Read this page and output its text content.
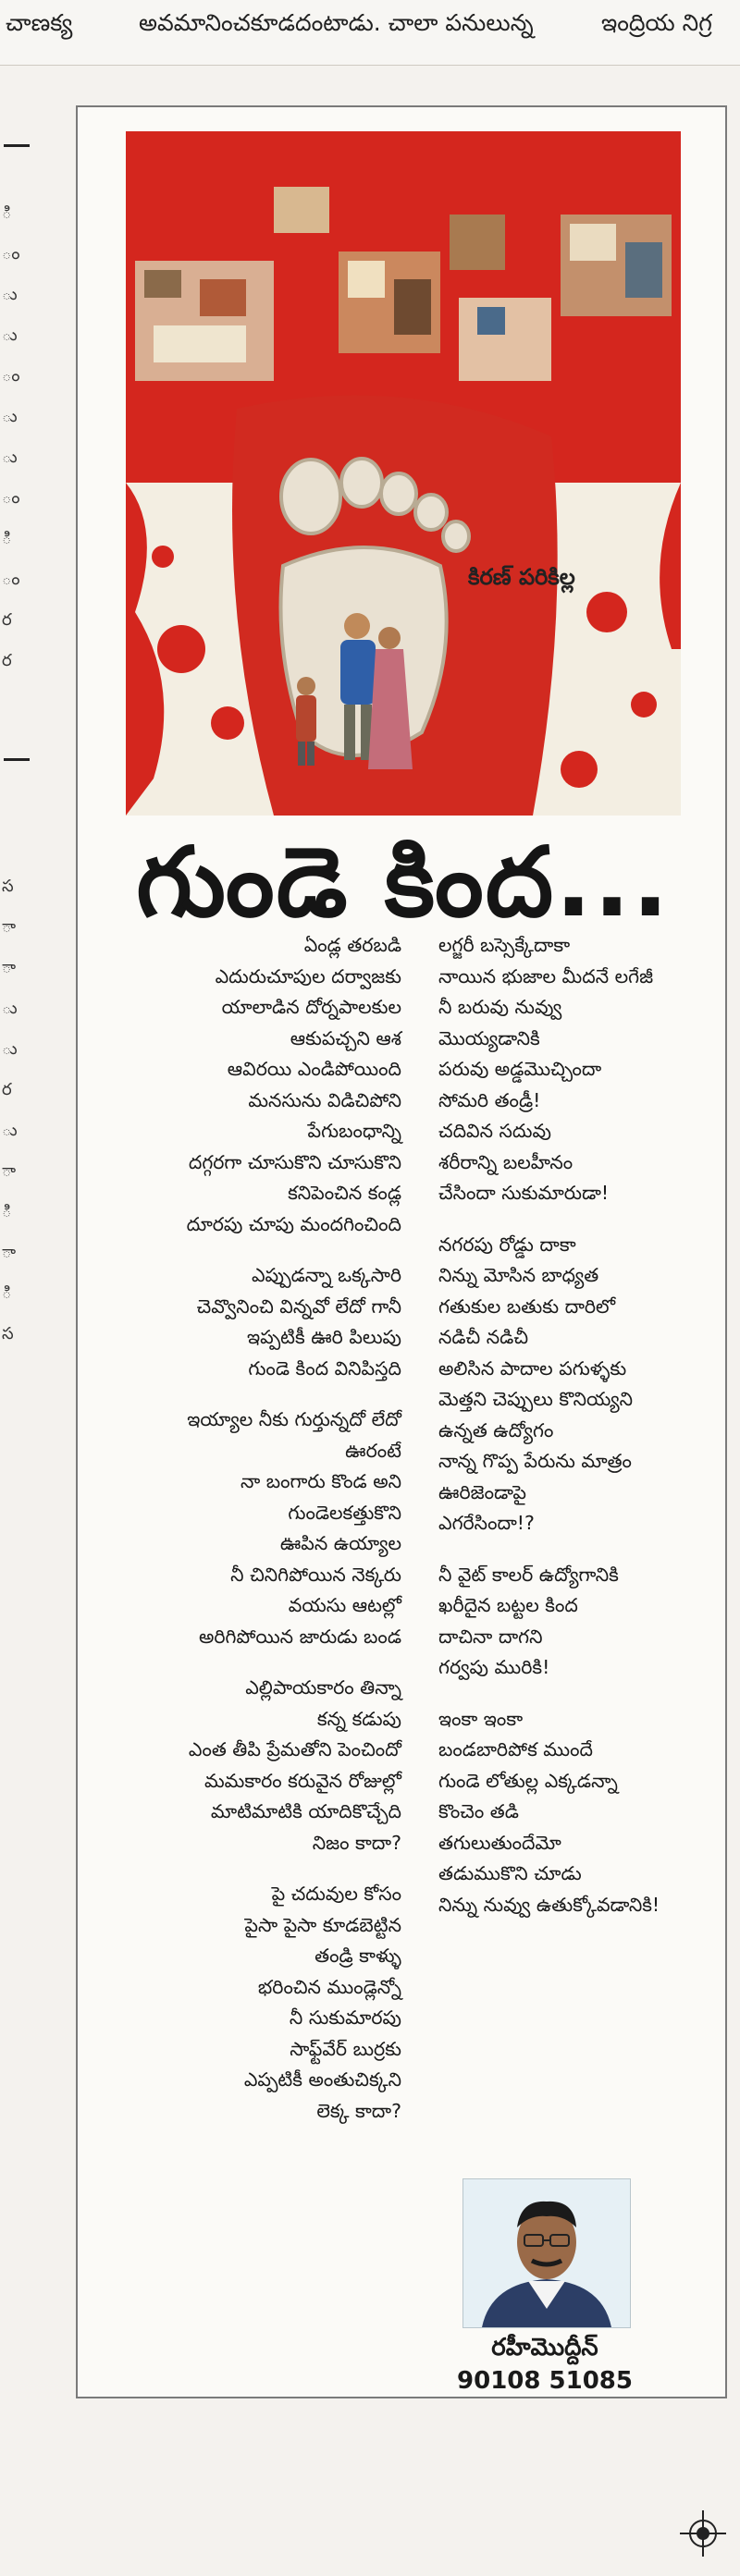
చాణక్య	అవమానించకూడదంటాడు. చాలా పనులున్న	ఇంద్రియ నిగ్ర
ి
ం
ు
ు
ం
ు
ు
ం
ి
ం
ర
ర
స
ా
ా
ు
ు
ర
ు
ా
ి
ా
ి
స
కిరణ్ పరికిల్ల
గుండె కింద...
ఏండ్ల తరబడి
ఎదురుచూపుల దర్వాజకు
యాలాడిన దోర్నపాలకుల
ఆకుపచ్చని ఆశ
ఆవిరయి ఎండిపోయింది
మనసును విడిచిపోని
పేగుబంధాన్ని
దగ్గరగా చూసుకొని చూసుకొని
కనిపెంచిన కండ్ల
దూరపు చూపు మందగించింది
ఎప్పుడన్నా ఒక్కసారి
చెవ్వొనించి విన్నవో లేదో గానీ
ఇప్పటికీ ఊరి పిలుపు
గుండె కింద వినిపిస్తది
ఇయ్యాల నీకు గుర్తున్నదో లేదో
ఊరంటే
నా బంగారు కొండ అని
గుండెలకత్తుకొని
ఊపిన ఉయ్యాల
నీ చినిగిపోయిన నెక్కరు
వయసు ఆటల్లో
అరిగిపోయిన జారుడు బండ
ఎల్లిపాయకారం తిన్నా
కన్న కడుపు
ఎంత తీపి ప్రేమతోని పెంచిందో
మమకారం కరువైన రోజుల్లో
మాటిమాటికి యాదికొచ్చేది
నిజం కాదా?
పై చదువుల కోసం
పైసా పైసా కూడబెట్టిన
తండ్రి కాళ్ళు
భరించిన ముండ్లెన్నో
నీ సుకుమారపు
సాఫ్ట్‌వేర్ బుర్రకు
ఎప్పటికీ అంతుచిక్కని
లెక్క కాదా?
లగ్జరీ బస్సెక్కేదాకా
నాయిన భుజాల మీదనే లగేజీ
నీ బరువు నువ్వు
మొయ్యడానికి
పరువు అడ్డమొచ్చిందా
సోమరి తండ్రీ!
చదివిన సదువు
శరీరాన్ని బలహీనం
చేసిందా సుకుమారుడా!
నగరపు రోడ్డు దాకా
నిన్ను మోసిన బాధ్యత
గతుకుల బతుకు దారిలో
నడిచీ నడిచీ
అలిసిన పాదాల పగుళ్ళకు
మెత్తని చెప్పులు కొనియ్యని
ఉన్నత ఉద్యోగం
నాన్న గొప్ప పేరును మాత్రం
ఊరిజెండాపై
ఎగరేసిందా!?
నీ వైట్ కాలర్ ఉద్యోగానికి
ఖరీదైన బట్టల కింద
దాచినా దాగని
గర్వపు మురికి!
ఇంకా ఇంకా
బండబారిపోక ముందే
గుండె లోతుల్ల ఎక్కడన్నా
కొంచెం తడి
తగులుతుందేమో
తడుముకొని చూడు
నిన్ను నువ్వు ఉతుక్కోవడానికి!
రహీమొద్దీన్
90108 51085
